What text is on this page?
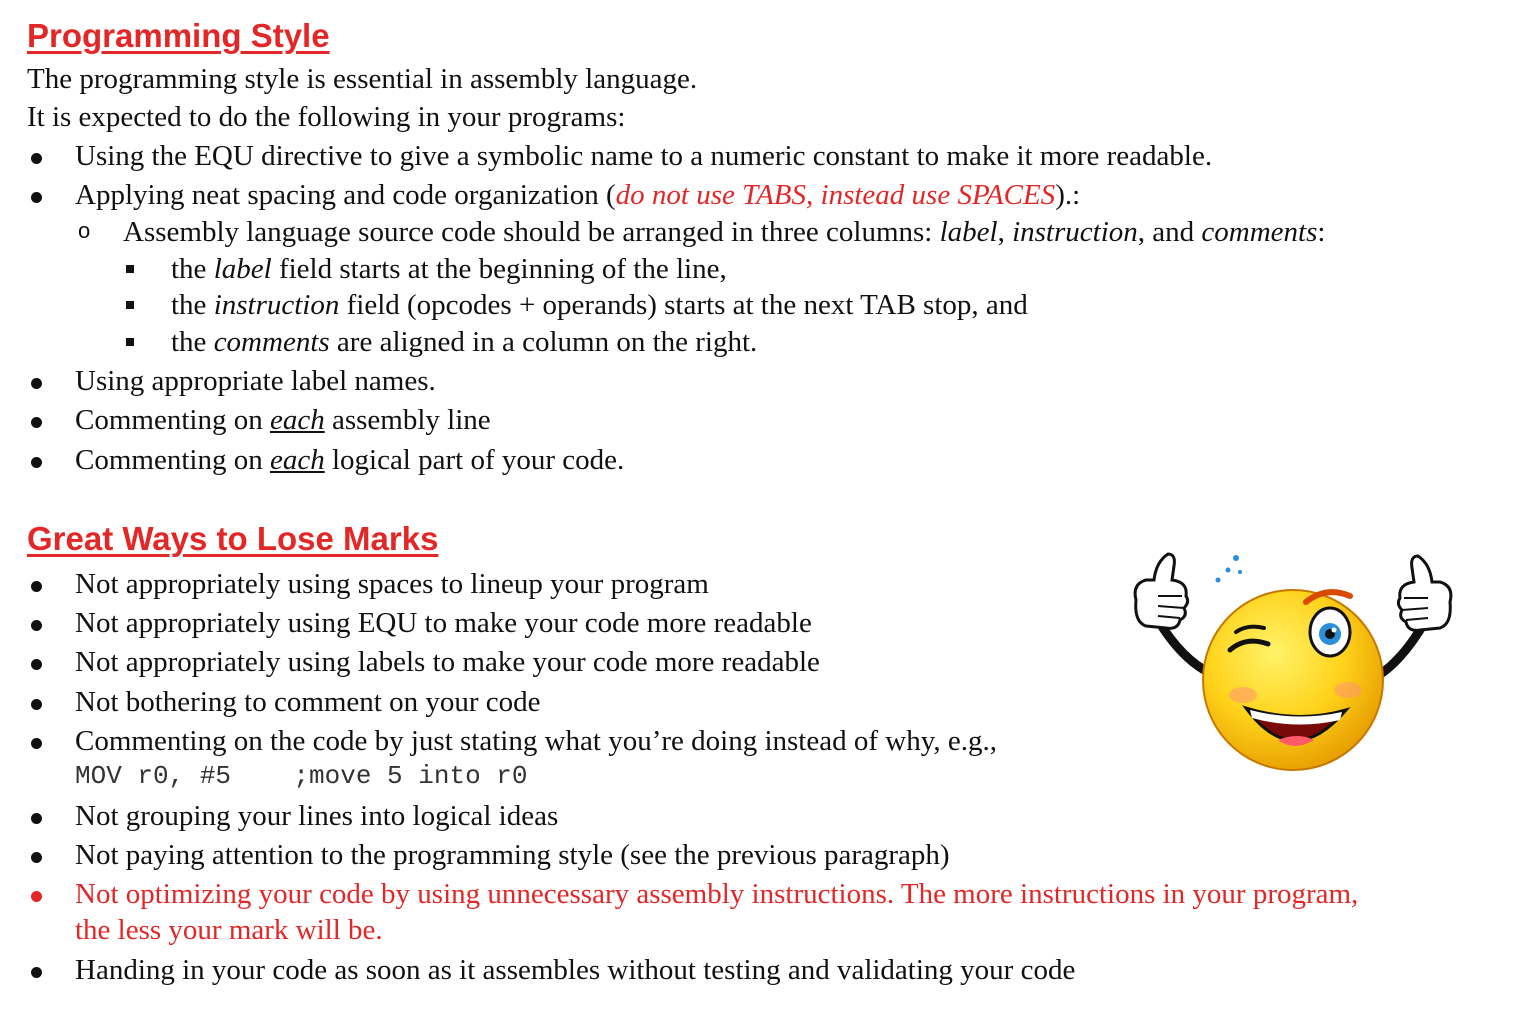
Programming Style
The programming style is essential in assembly language.
It is expected to do the following in your programs:
Using the EQU directive to give a symbolic name to a numeric constant to make it more readable.
Applying neat spacing and code organization (do not use TABS, instead use SPACES).:
o Assembly language source code should be arranged in three columns: label, instruction, and comments:
the label field starts at the beginning of the line,
the instruction field (opcodes + operands) starts at the next TAB stop, and
the comments are aligned in a column on the right.
Using appropriate label names.
Commenting on each assembly line
Commenting on each logical part of your code.
Great Ways to Lose Marks
Not appropriately using spaces to lineup your program
Not appropriately using EQU to make your code more readable
Not appropriately using labels to make your code more readable
Not bothering to comment on your code
Commenting on the code by just stating what you’re doing instead of why, e.g.,
MOV r0, #5    ;move 5 into r0
Not grouping your lines into logical ideas
Not paying attention to the programming style (see the previous paragraph)
Not optimizing your code by using unnecessary assembly instructions. The more instructions in your program,
the less your mark will be.
Handing in your code as soon as it assembles without testing and validating your code
